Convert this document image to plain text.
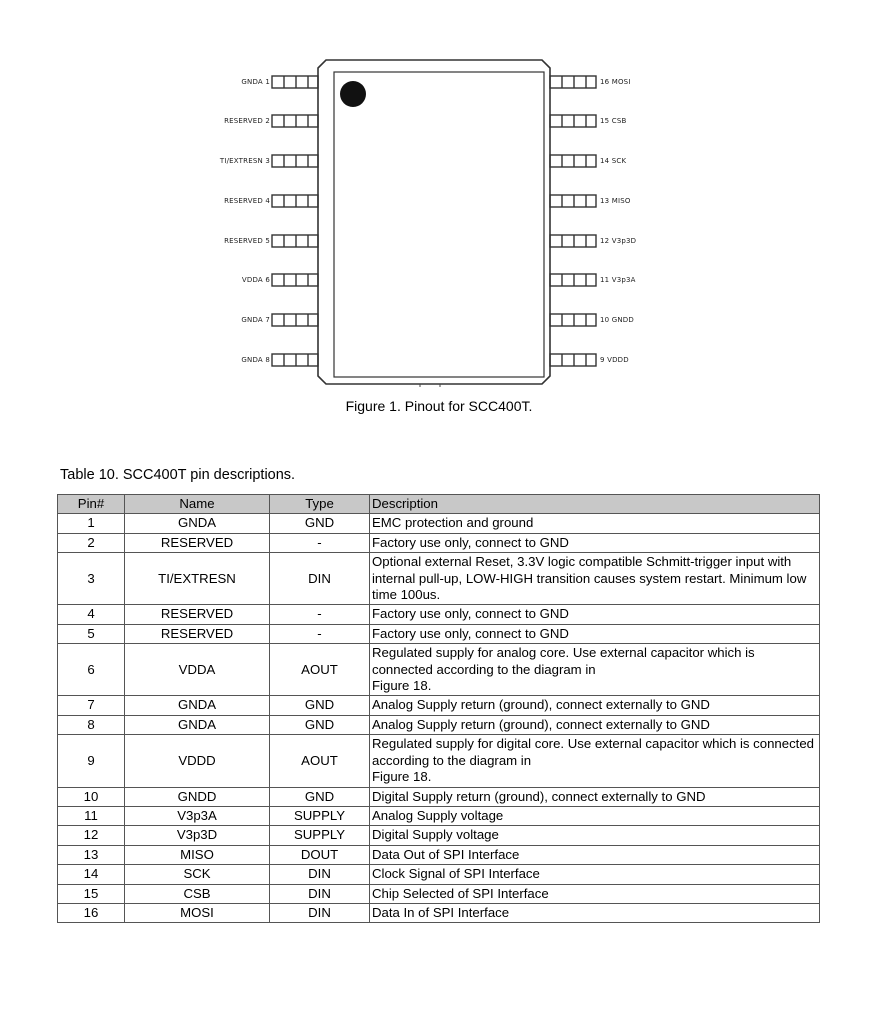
GNDA 1
RESERVED 2
TI/EXTRESN 3
RESERVED 4
RESERVED 5
VDDA 6
GNDA 7
GNDA 8
16 MOSI
15 CSB
14 SCK
13 MISO
12 V3p3D
11 V3p3A
10 GNDD
9 VDDD
Figure 1. Pinout for SCC400T.
Table 10. SCC400T pin descriptions.
Pin#	Name	Type	Description
1	GNDA	GND	EMC protection and ground
2	RESERVED	-	Factory use only, connect to GND
3	TI/EXTRESN	DIN	Optional external Reset, 3.3V logic compatible Schmitt-trigger input with internal pull-up, LOW-HIGH transition causes system restart. Minimum low time 100us.
4	RESERVED	-	Factory use only, connect to GND
5	RESERVED	-	Factory use only, connect to GND
6	VDDA	AOUT	Regulated supply for analog core. Use external capacitor which is connected according to the diagram in
Figure 18.
7	GNDA	GND	Analog Supply return (ground), connect externally to GND
8	GNDA	GND	Analog Supply return (ground), connect externally to GND
9	VDDD	AOUT	Regulated supply for digital core. Use external capacitor which is connected according to the diagram in
Figure 18.
10	GNDD	GND	Digital Supply return (ground), connect externally to GND
11	V3p3A	SUPPLY	Analog Supply voltage
12	V3p3D	SUPPLY	Digital Supply voltage
13	MISO	DOUT	Data Out of SPI Interface
14	SCK	DIN	Clock Signal of SPI Interface
15	CSB	DIN	Chip Selected of SPI Interface
16	MOSI	DIN	Data In of SPI Interface
